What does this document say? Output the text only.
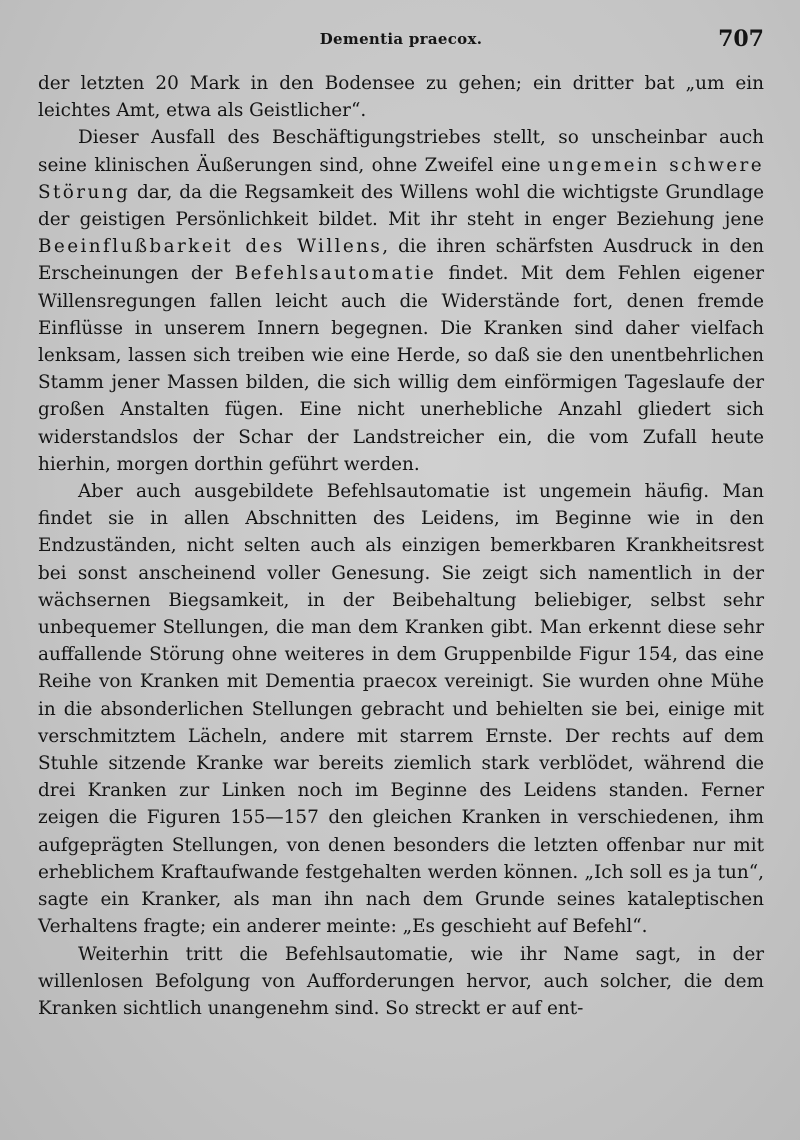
Dementia praecox.	707

der letzten 20 Mark in den Bodensee zu gehen; ein dritter bat „um ein leichtes Amt, etwa als Geistlicher“.

Dieser Ausfall des Beschäftigungstriebes stellt, so unscheinbar auch seine klinischen Äußerungen sind, ohne Zweifel eine ungemein schwere Störung dar, da die Regsamkeit des Willens wohl die wichtigste Grundlage der geistigen Persönlichkeit bildet. Mit ihr steht in enger Beziehung jene Beeinflußbarkeit des Willens, die ihren schärfsten Ausdruck in den Erscheinungen der Befehlsautomatie findet. Mit dem Fehlen eigener Willensregungen fallen leicht auch die Widerstände fort, denen fremde Einflüsse in unserem Innern begegnen. Die Kranken sind daher vielfach lenksam, lassen sich treiben wie eine Herde, so daß sie den unentbehrlichen Stamm jener Massen bilden, die sich willig dem einförmigen Tageslaufe der großen Anstalten fügen. Eine nicht unerhebliche Anzahl gliedert sich widerstandslos der Schar der Landstreicher ein, die vom Zufall heute hierhin, morgen dorthin geführt werden.

Aber auch ausgebildete Befehlsautomatie ist ungemein häufig. Man findet sie in allen Abschnitten des Leidens, im Beginne wie in den Endzuständen, nicht selten auch als einzigen bemerkbaren Krankheitsrest bei sonst anscheinend voller Genesung. Sie zeigt sich namentlich in der wächsernen Biegsamkeit, in der Beibehaltung beliebiger, selbst sehr unbequemer Stellungen, die man dem Kranken gibt. Man erkennt diese sehr auffallende Störung ohne weiteres in dem Gruppenbilde Figur 154, das eine Reihe von Kranken mit Dementia praecox vereinigt. Sie wurden ohne Mühe in die absonderlichen Stellungen gebracht und behielten sie bei, einige mit verschmitztem Lächeln, andere mit starrem Ernste. Der rechts auf dem Stuhle sitzende Kranke war bereits ziemlich stark verblödet, während die drei Kranken zur Linken noch im Beginne des Leidens standen. Ferner zeigen die Figuren 155—157 den gleichen Kranken in verschiedenen, ihm aufgeprägten Stellungen, von denen besonders die letzten offenbar nur mit erheblichem Kraftaufwande festgehalten werden können. „Ich soll es ja tun“, sagte ein Kranker, als man ihn nach dem Grunde seines kataleptischen Verhaltens fragte; ein anderer meinte: „Es geschieht auf Befehl“.

Weiterhin tritt die Befehlsautomatie, wie ihr Name sagt, in der willenlosen Befolgung von Aufforderungen hervor, auch solcher, die dem Kranken sichtlich unangenehm sind. So streckt er auf ent-
